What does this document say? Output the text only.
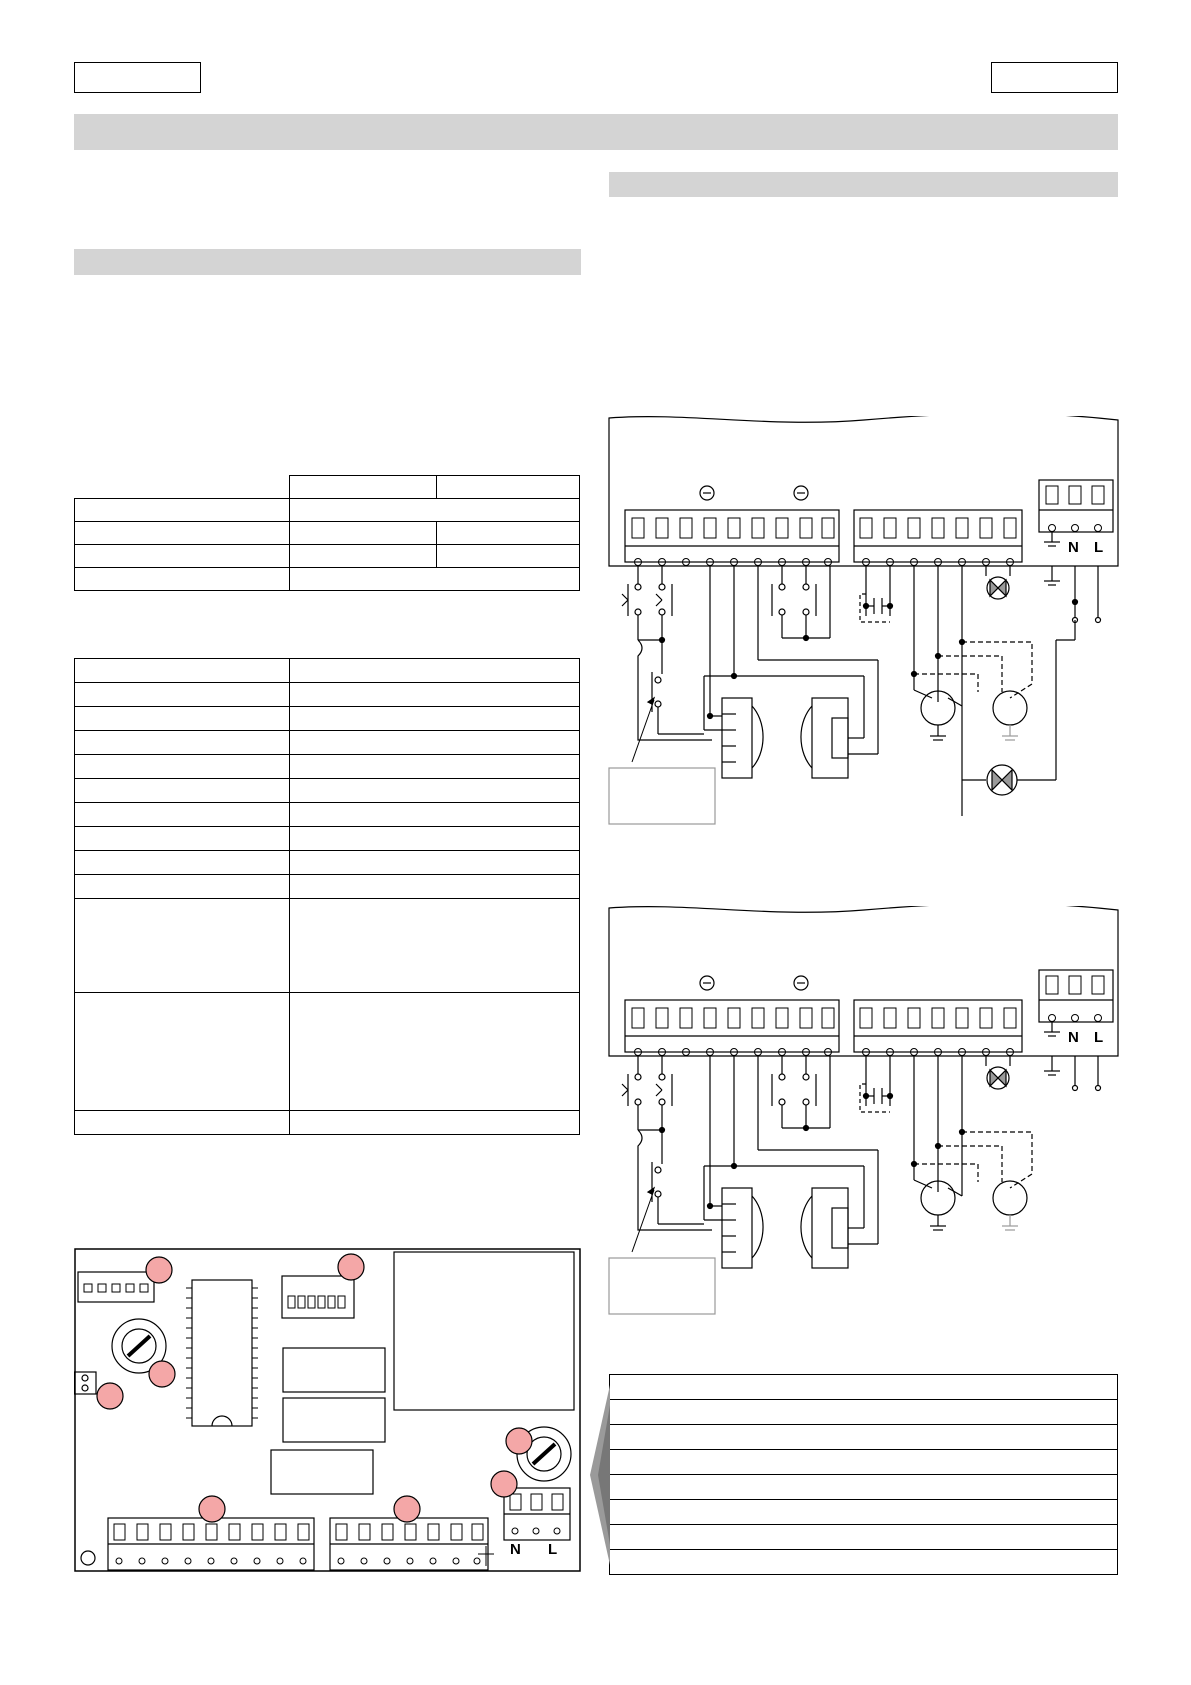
N L
N L
N L
